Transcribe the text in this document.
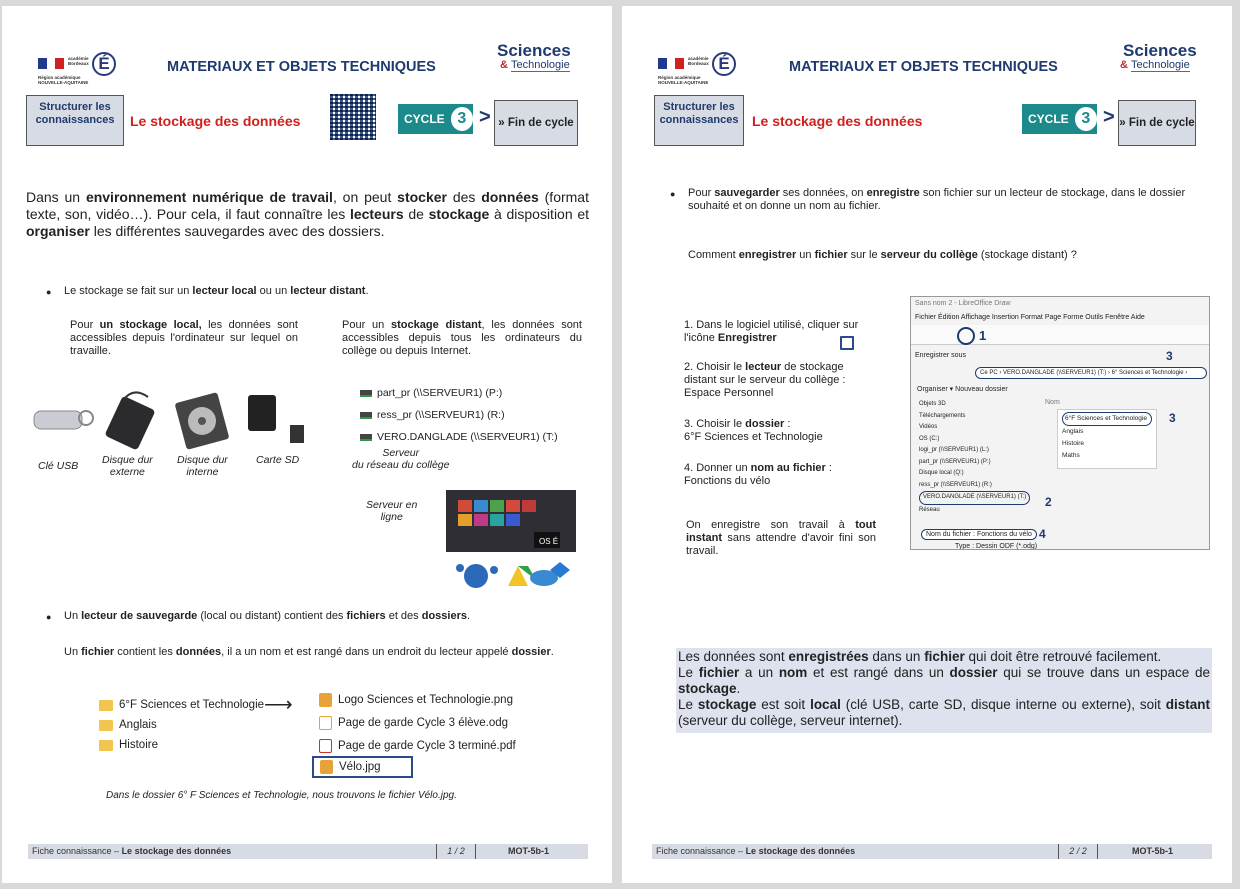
académie
Bordeaux É
Région académique
NOUVELLE-AQUITAINE
MATERIAUX ET OBJETS TECHNIQUES
Sciences
& Technologie
Structurer les connaissances	Le stockage des données	CYCLE 3 > » Fin de cycle
Dans un environnement numérique de travail, on peut stocker des données (format texte, son, vidéo…). Pour cela, il faut connaître les lecteurs de stockage à disposition et organiser les différentes sauvegardes avec des dossiers.
● Le stockage se fait sur un lecteur local ou un lecteur distant.
Pour un stockage local, les données sont accessibles depuis l'ordinateur sur lequel on travaille.
Pour un stockage distant, les données sont accessibles depuis tous les ordinateurs du collège ou depuis Internet.
Clé USB Disque dur
externe
Disque dur
interne
Carte SD
part_pr (\\SERVEUR1) (P:)
ress_pr (\\SERVEUR1) (R:)
VERO.DANGLADE (\\SERVEUR1) (T:)
Serveur
du réseau du collège
Serveur en
ligne
OS É
● Un lecteur de sauvegarde (local ou distant) contient des fichiers et des dossiers.
Un fichier contient les données, il a un nom et est rangé dans un endroit du lecteur appelé dossier.
6°F Sciences et Technologie
Anglais
Histoire
⟶	Logo Sciences et Technologie.png
Page de garde Cycle 3 élève.odg
Page de garde Cycle 3 terminé.pdf
Vélo.jpg
Dans le dossier 6° F Sciences et Technologie, nous trouvons le fichier Vélo.jpg.
Fiche connaissance – Le stockage des données	1 / 2	MOT-5b-1
académie
Bordeaux É
Région académique
NOUVELLE-AQUITAINE
MATERIAUX ET OBJETS TECHNIQUES
Sciences
& Technologie
Structurer les connaissances Le stockage des données	CYCLE 3 > » Fin de cycle
● Pour sauvegarder ses données, on enregistre son fichier sur un lecteur de stockage, dans le dossier souhaité et on donne un nom au fichier.
Comment enregistrer un fichier sur le serveur du collège (stockage distant) ?
1. Dans le logiciel utilisé, cliquer sur l'icône Enregistrer
2. Choisir le lecteur de stockage distant sur le serveur du collège : Espace Personnel
3. Choisir le dossier :
6°F Sciences et Technologie
4. Donner un nom au fichier :
Fonctions du vélo
On enregistre son travail à tout instant sans attendre d'avoir fini son travail.
Sans nom 2 - LibreOffice Draw
Fichier Édition Affichage Insertion Format Page Forme Outils Fenêtre Aide
1
Enregistrer sous	3
Ce PC › VERO.DANGLADE (\\SERVEUR1) (T:) › 6° Sciences et Technologie ›
Organiser ▾ Nouveau dossier
Objets 3D
Téléchargements
Vidéos
OS (C:)
logi_pr (\\SERVEUR1) (L:)
part_pr (\\SERVEUR1) (P:)
Disque local (Q:)
ress_pr (\\SERVEUR1) (R:)
VERO.DANGLADE (\\SERVEUR1) (T:)
Réseau
2
Nom
6°F Sciences et Technologie
Anglais
Histoire
Maths
3
Nom du fichier : Fonctions du vélo 4
Type : Dessin ODF (*.odg)
Les données sont enregistrées dans un fichier qui doit être retrouvé facilement.
Le fichier a un nom et est rangé dans un dossier qui se trouve dans un espace de stockage.
Le stockage est soit local (clé USB, carte SD, disque interne ou externe), soit distant (serveur du collège, serveur internet).
Fiche connaissance – Le stockage des données	2 / 2	MOT-5b-1
